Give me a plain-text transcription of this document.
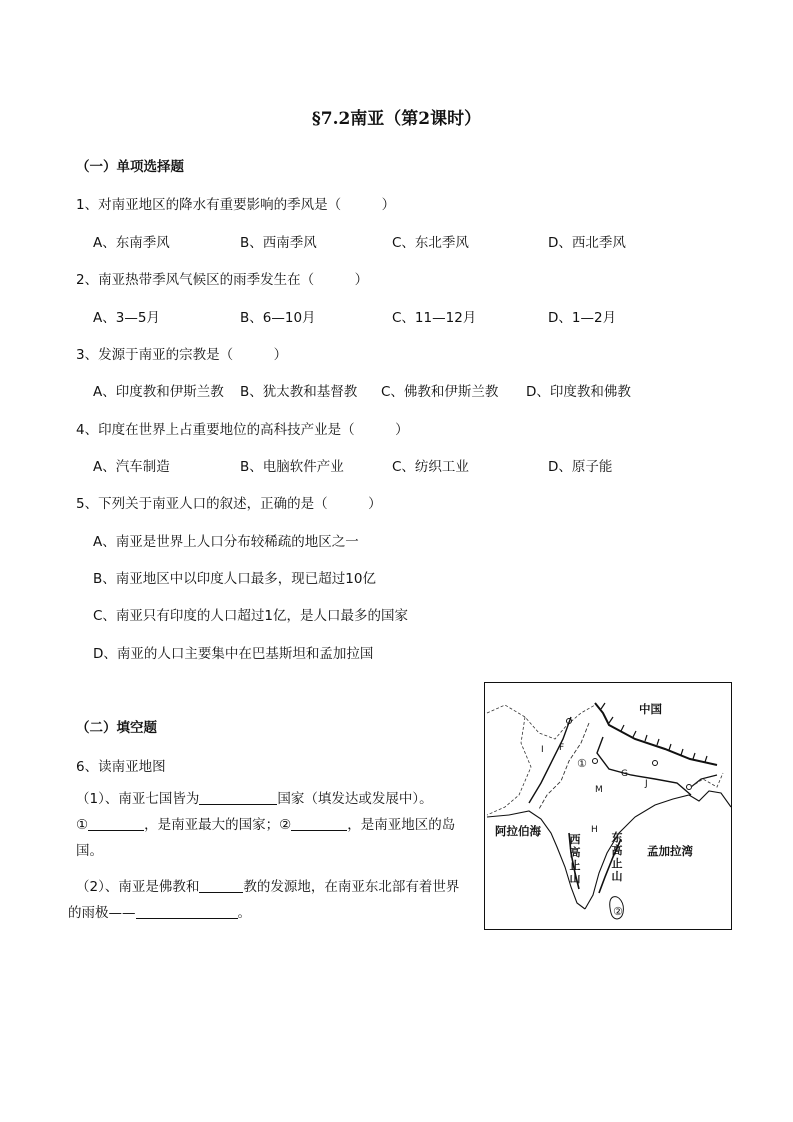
§7.2南亚（第2课时）
（一）单项选择题
1、对南亚地区的降水有重要影响的季风是（　　　）
A、东南季风	B、西南季风	C、东北季风	D、西北季风
2、南亚热带季风气候区的雨季发生在（　　　）
A、3—5月	B、6—10月	C、11—12月	D、1—2月
3、发源于南亚的宗教是（　　　）
A、印度教和伊斯兰教 B、犹太教和基督教 C、佛教和伊斯兰教 D、印度教和佛教
4、印度在世界上占重要地位的高科技产业是（　　　）
A、汽车制造	B、电脑软件产业	C、纺织工业	D、原子能
5、下列关于南亚人口的叙述，正确的是（　　　）
A、南亚是世界上人口分布较稀疏的地区之一
B、南亚地区中以印度人口最多，现已超过10亿
C、南亚只有印度的人口超过1亿，是人口最多的国家
D、南亚的人口主要集中在巴基斯坦和孟加拉国
（二）填空题
6、读南亚地图
（1）、南亚七国皆为	国家（填发达或发展中）。
①	，是南亚最大的国家；②	，是南亚地区的岛
国。
（2）、南亚是佛教和	教的发源地，在南亚东北部有着世界
的雨极——	。
中国
阿拉伯海
孟加拉湾
西高止山
东高止山
M
H
I F
G
J
①
②
